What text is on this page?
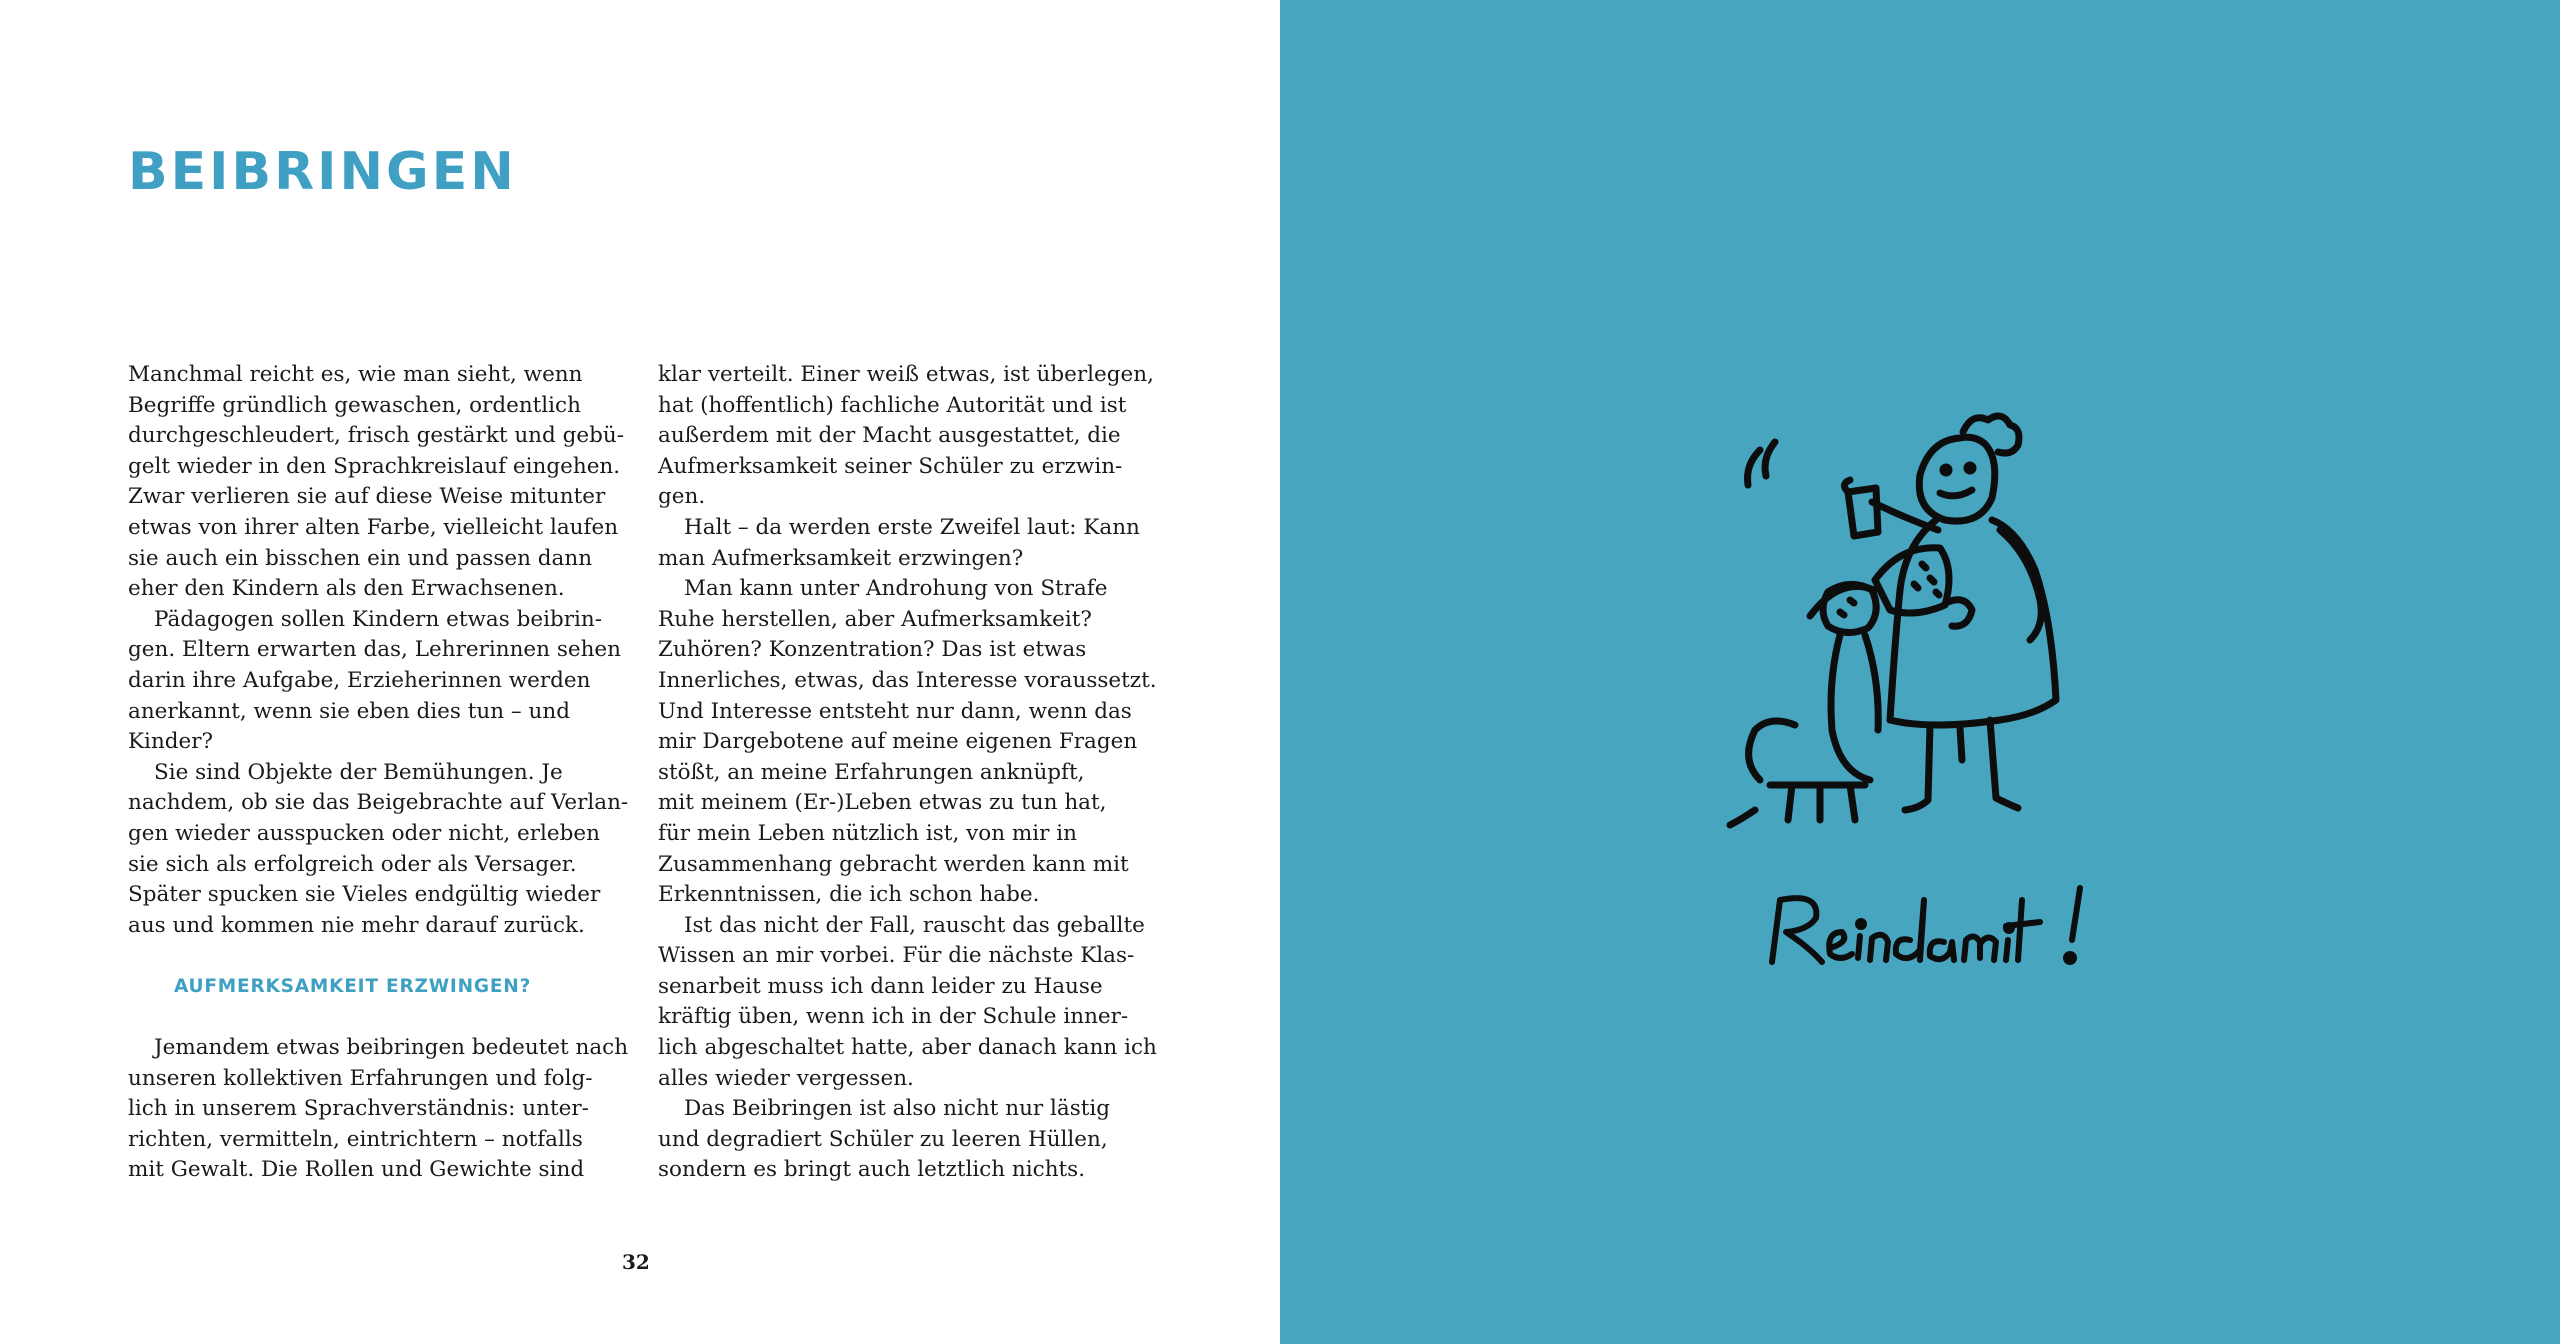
BEIBRINGEN
Manchmal reicht es, wie man sieht, wenn
Begriffe gründlich gewaschen, ordentlich
durchgeschleudert, frisch gestärkt und gebü-
gelt wieder in den Sprachkreislauf eingehen.
Zwar verlieren sie auf diese Weise mitunter
etwas von ihrer alten Farbe, vielleicht laufen
sie auch ein bisschen ein und passen dann
eher den Kindern als den Erwachsenen.
Pädagogen sollen Kindern etwas beibrin-
gen. Eltern erwarten das, Lehrerinnen sehen
darin ihre Aufgabe, Erzieherinnen werden
anerkannt, wenn sie eben dies tun – und
Kinder?
Sie sind Objekte der Bemühungen. Je
nachdem, ob sie das Beigebrachte auf Verlan-
gen wieder ausspucken oder nicht, erleben
sie sich als erfolgreich oder als Versager.
Später spucken sie Vieles endgültig wieder
aus und kommen nie mehr darauf zurück.
AUFMERKSAMKEIT ERZWINGEN?
Jemandem etwas beibringen bedeutet nach
unseren kollektiven Erfahrungen und folg-
lich in unserem Sprachverständnis: unter-
richten, vermitteln, eintrichtern – notfalls
mit Gewalt. Die Rollen und Gewichte sind
klar verteilt. Einer weiß etwas, ist überlegen,
hat (hoffentlich) fachliche Autorität und ist
außerdem mit der Macht ausgestattet, die
Aufmerksamkeit seiner Schüler zu erzwin-
gen.
Halt – da werden erste Zweifel laut: Kann
man Aufmerksamkeit erzwingen?
Man kann unter Androhung von Strafe
Ruhe herstellen, aber Aufmerksamkeit?
Zuhören? Konzentration? Das ist etwas
Innerliches, etwas, das Interesse voraussetzt.
Und Interesse entsteht nur dann, wenn das
mir Dargebotene auf meine eigenen Fragen
stößt, an meine Erfahrungen anknüpft,
mit meinem (Er-)Leben etwas zu tun hat,
für mein Leben nützlich ist, von mir in
Zusammenhang gebracht werden kann mit
Erkenntnissen, die ich schon habe.
Ist das nicht der Fall, rauscht das geballte
Wissen an mir vorbei. Für die nächste Klas-
senarbeit muss ich dann leider zu Hause
kräftig üben, wenn ich in der Schule inner-
lich abgeschaltet hatte, aber danach kann ich
alles wieder vergessen.
Das Beibringen ist also nicht nur lästig
und degradiert Schüler zu leeren Hüllen,
sondern es bringt auch letztlich nichts.
32
